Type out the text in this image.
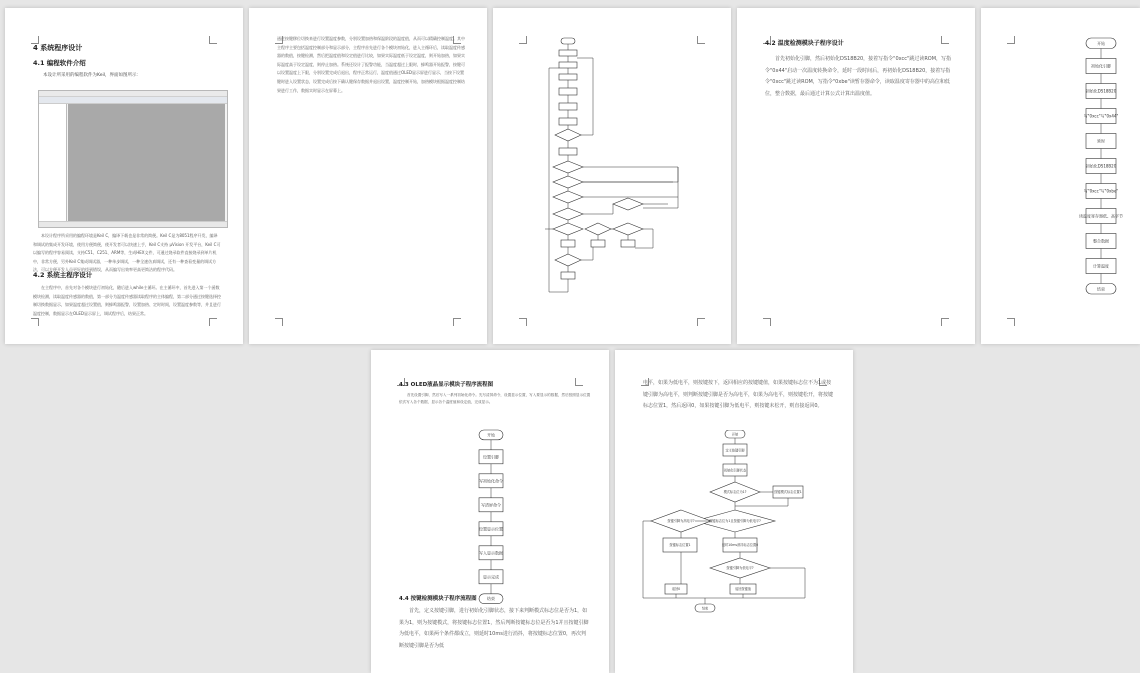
4 系统程序设计
4.1 编程软件介绍
本设计所采用的编程软件为Keil，界面如图所示：
本设计程序所采用的编程环境是Keil C，编译下载也是非常的简便。Keil C是为8051程序开发、编译和调试的集成开发环境，使用方便简便，使开发者可以快速上手，Keil C支持 μVision 开发平台，Keil C可以编写的程序容易阅读，支持C51、C251、ARM等，生成HEX文件，可通过烧录软件直接烧录到单片机中，非常方便，另外Keil C集成调试器，一种单步调试，一种全速仿真调试，还有一种查看变量的调试方法，可以方便开发人员更好的找到错误，从而编写出效率更高更简洁的程序代码。
4.2 系统主程序设计
在主程序中，首先对各个模块进行初始化，随后进入while主循环。在主循环中，首先进入第一个函数模块检测，读取温度传感器的数值，第一部分为温度传感器读取程序的主体编程，第二部分通过按键选择控制切换数据显示，如果温度超过设置值，则蜂鸣器报警，设置加热、定时时间，设置温度参数等，并且进行温度控制，数据显示在OLED显示屏上，调试程序后，结果正常。
通过按键移位切换来进行设置温度参数，分别设置加热和保温阶段的温度值，从而可以精确控制温度。其中主程序主要包括温度控制部分和显示部分，主程序首先进行各个模块初始化，进入主循环后，读取温度传感器的数值，按键检测，然后把温度值和设定值进行比较，如果实际温度低于设定温度，则开始加热，如果实际温度高于设定温度，则停止加热。系统还设计了报警功能，当温度超过上限时，蜂鸣器开始报警，按键可以设置温度上下限，分别设置完成后退出，程序正常运行，温度值通过OLED显示屏进行显示，当按下设置键时进入设置状态，设置完成后按下确认键保存数据并退出设置，温度控制开始，加热模块根据温度控制结果进行工作，数据实时显示在屏幕上。
4.2 温度检测模块子程序设计
首先初始化引脚，然后初始化DS18B20，接着写指令"0xcc"跳过读ROM，写指令"0x44"启动一次温度转换命令，延时一段时间后，再初始化DS18B20，接着写指令"0xcc"跳过读ROM，写指令"0xbe"读暂存器命令，读取温度寄存器中的高位和低位，整合数据，最后通过计算公式计算出温度值。
开始
初始化引脚
初始化DS18B20
写"0xcc"写"0x44"
延时
初始化DS18B20
写"0xcc"写"0xbe"
读温度寄存器低、高字节
整合数据
计算温度
结束
4.3 OLED液晶显示模块子程序流程图
首先设置引脚，然后写入一系列初始化命令。先写清屏命令，设置显示位置，写入要显示的数据，然后按照显示位置依次写入各个数据，显示各个温度值和设定值，完成显示。
开始
设置引脚
写初始化命令
写清屏命令
设置显示位置
写入显示数据
显示完成
结束
4.4 按键检测模块子程序流程图
首先，定义按键引脚，进行初始化引脚状态，接下来判断模式标志位是否为1，如果为1，则为按键模式，将按键标志位置1，然后判断按键标志位是否为1并且按键引脚为低电平，如果两个条件都成立，则延时10ms进行消抖，将按键标志位置0，再次判断按键引脚是否为低
电平，如果为低电平，则按键按下，返回相应的按键键值，如果按键标志位不为1或按键引脚为高电平，则判断按键引脚是否为高电平，如果为高电平，则按键松开，将按键标志位置1，然后返回0，如果按键引脚为低电平，则按键未松开，则直接返回0。
开始
定义按键引脚
初始化引脚状态
模式标志位为1?	按键模式标志位置1
按键标志位为1且按键引脚为低电平?
按键引脚为高电平?
延时10ms消抖标志位置0
按键标志位置1
按键引脚为低电平?
返回0	返回按键值
结束
